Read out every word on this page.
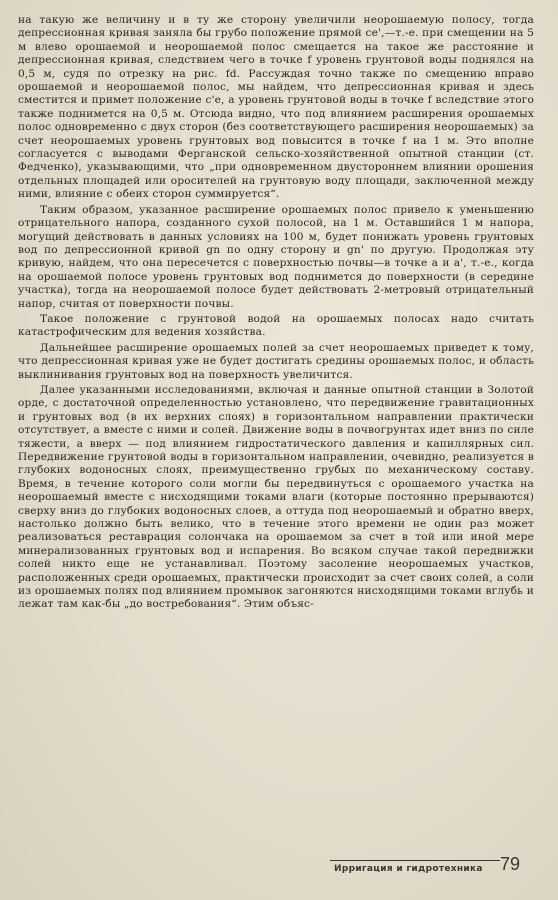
на такую же величину и в ту же сторону увеличили неорошаемую полосу, тогда депрессионная кривая заняла бы грубо положение прямой ce',—т.-е. при смещении на 5 м влево орошаемой и неорошаемой полос смещается на такое же расстояние и депрессионная кривая, следствием чего в точке f уровень грунтовой воды поднялся на 0,5 м, судя по отрезку на рис. fd. Рассуждая точно также по смещению вправо орошаемой и неорошаемой полос, мы найдем, что депрессионная кривая и здесь сместится и примет положение c'e, а уровень грунтовой воды в точке f вследствие этого также поднимется на 0,5 м. Отсюда видно, что под влиянием расширения орошаемых полос одновременно с двух сторон (без соответствующего расширения неорошаемых) за счет неорошаемых уровень грунтовых вод повысится в точке f на 1 м. Это вполне согласуется с выводами Ферганской сельско-хозяйственной опытной станции (ст. Федченко), указывающими, что „при одновременном двустороннем влиянии орошения отдельных площадей или оросителей на грунтовую воду площади, заключенной между ними, влияние с обеих сторон суммируется“.

Таким образом, указанное расширение орошаемых полос привело к уменьшению отрицательного напора, созданного сухой полосой, на 1 м. Оставшийся 1 м напора, могущий действовать в данных условиях на 100 м, будет понижать уровень грунтовых вод по депрессионной кривой gn по одну сторону и gn' по другую. Продолжая эту кривую, найдем, что она пересечется с поверхностью почвы—в точке a и a', т.-е., когда на орошаемой полосе уровень грунтовых вод поднимется до поверхности (в середине участка), тогда на неорошаемой полосе будет действовать 2-метровый отрицательный напор, считая от поверхности почвы.

Такое положение с грунтовой водой на орошаемых полосах надо считать катастрофическим для ведения хозяйства.

Дальнейшее расширение орошаемых полей за счет неорошаемых приведет к тому, что депрессионная кривая уже не будет достигать средины орошаемых полос, и область выклинивания грунтовых вод на поверхность увеличится.

Далее указанными исследованиями, включая и данные опытной станции в Золотой орде, с достаточной определенностью установлено, что передвижение гравитационных и грунтовых вод (в их верхних слоях) в горизонтальном направлении практически отсутствует, а вместе с ними и солей. Движение воды в почвогрунтах идет вниз по силе тяжести, а вверх — под влиянием гидростатического давления и капиллярных сил. Передвижение грунтовой воды в горизонтальном направлении, очевидно, реализуется в глубоких водоносных слоях, преимущественно грубых по механическому составу. Время, в течение которого соли могли бы передвинуться с орошаемого участка на неорошаемый вместе с нисходящими токами влаги (которые постоянно прерываются) сверху вниз до глубоких водоносных слоев, а оттуда под неорошаемый и обратно вверх, настолько должно быть велико, что в течение этого времени не один раз может реализоваться реставрация солончака на орошаемом за счет в той или иной мере минерализованных грунтовых вод и испарения. Во всяком случае такой передвижки солей никто еще не устанавливал. Поэтому засоление неорошаемых участков, расположенных среди орошаемых, практически происходит за счет своих солей, а соли из орошаемых полях под влиянием промывок загоняются нисходящими токами вглубь и лежат там как-бы „до востребования“. Этим объяс-

Ирригация и гидротехника 79
